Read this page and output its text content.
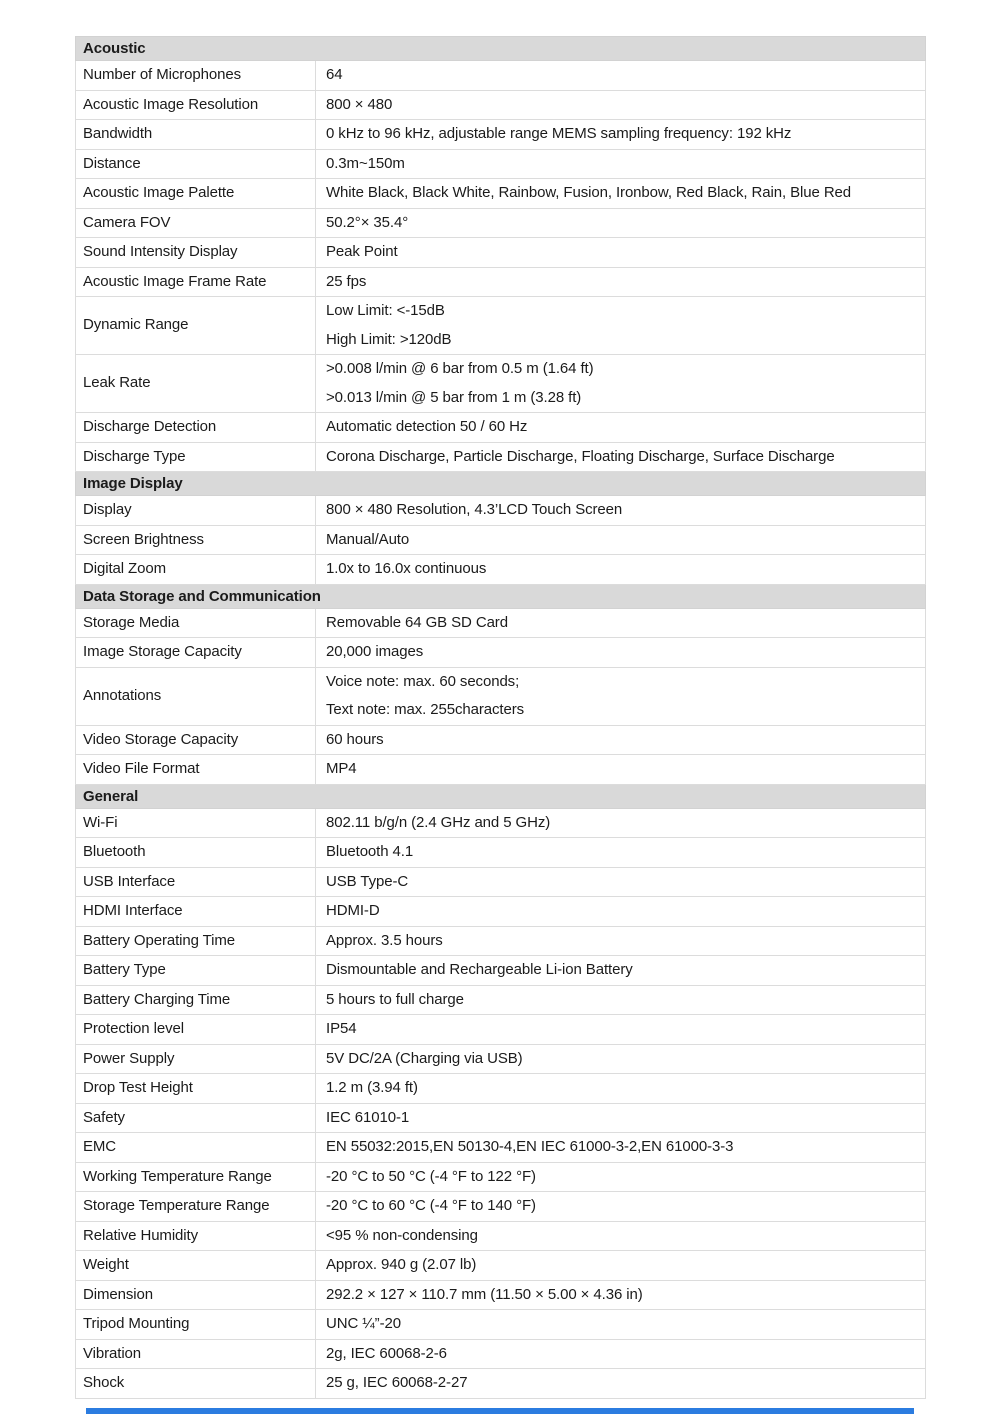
Acoustic	
Number of Microphones	64

Acoustic Image Resolution	800 × 480

Bandwidth	0 kHz to 96 kHz, adjustable range MEMS sampling frequency: 192 kHz

Distance	0.3m~150m

Acoustic Image Palette	White Black, Black White, Rainbow, Fusion, Ironbow, Red Black, Rain, Blue Red

Camera FOV	50.2°× 35.4°

Sound Intensity Display	Peak Point

Acoustic Image Frame Rate	25 fps

Dynamic Range	Low Limit: <-15dB
High Limit: >120dB

Leak Rate	>0.008 l/min @ 6 bar from 0.5 m (1.64 ft)
>0.013 l/min @ 5 bar from 1 m (3.28 ft)

Discharge Detection	Automatic detection 50 / 60 Hz

Discharge Type	Corona Discharge, Particle Discharge, Floating Discharge, Surface Discharge

Image Display	
Display	800 × 480 Resolution, 4.3’LCD Touch Screen

Screen Brightness	Manual/Auto

Digital Zoom	1.0x to 16.0x continuous

Data Storage and Communication	
Storage Media	Removable 64 GB SD Card

Image Storage Capacity	20,000 images

Annotations	Voice note: max. 60 seconds;
Text note: max. 255characters

Video Storage Capacity	60 hours

Video File Format	MP4

General	
Wi-Fi	802.11 b/g/n (2.4 GHz and 5 GHz)

Bluetooth	Bluetooth 4.1

USB Interface	USB Type-C

HDMI Interface	HDMI-D

Battery Operating Time	Approx. 3.5 hours

Battery Type	Dismountable and Rechargeable Li-ion Battery

Battery Charging Time	5 hours to full charge

Protection level	IP54

Power Supply	5V DC/2A (Charging via USB)

Drop Test Height	1.2 m (3.94 ft)

Safety	IEC 61010-1

EMC	EN 55032:2015,EN 50130-4,EN IEC 61000-3-2,EN 61000-3-3

Working Temperature Range	-20 °C to 50 °C (-4 °F to 122 °F)

Storage Temperature Range	-20 °C to 60 °C (-4 °F to 140 °F)

Relative Humidity	<95 % non-condensing

Weight	Approx. 940 g (2.07 lb)

Dimension	292.2 × 127 × 110.7 mm (11.50 × 5.00 × 4.36 in)

Tripod Mounting	UNC ¼”-20

Vibration	2g, IEC 60068-2-6

Shock	25 g, IEC 60068-2-27
